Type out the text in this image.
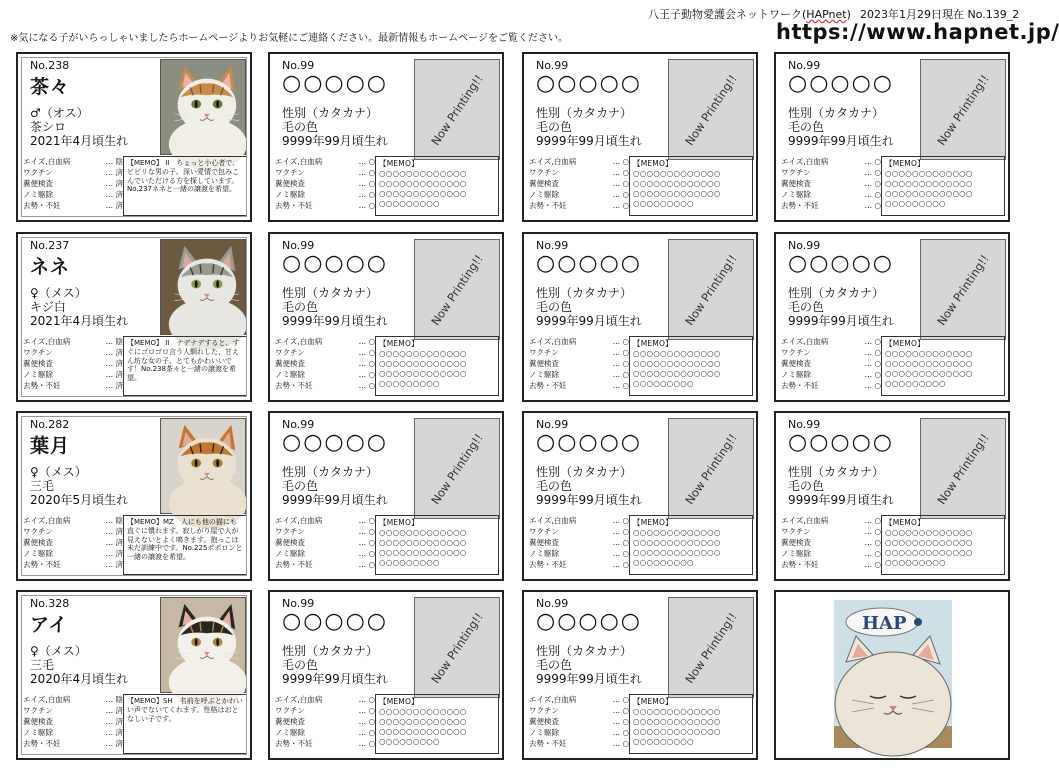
八王子動物愛護会ネットワーク(HAPnet) 2023年1月29日現在 No.139_2
※気になる子がいらっしゃいましたらホームページよりお気軽にご連絡ください。最新情報もホームページをご覧ください。	https://www.hapnet.jp/
No.238
茶々
♂（オス）
茶シロ
2021年4月頃生れ
エイズ,白血病	… 陰
ワクチン	… 済
糞便検査	… 済
ノミ駆除	… 済
去勢・不妊	… 済
【MEMO】 II　ちょっと小心者で、ビビリな男の子。深い愛情で包みこんでいただける方を探しています。No.237ネネと一緒の譲渡を希望。
No.99
○○○○○
性別（カタカナ）
毛の色
9999年99月頃生れ	Now Printing!!
エイズ,白血病	… ○
ワクチン	… ○
糞便検査	… ○
ノミ駆除	… ○
去勢・不妊	… ○
【MEMO】
○○○○○○○○○○○○○
○○○○○○○○○○○○○
○○○○○○○○○○○○○
○○○○○○○○○
No.99
○○○○○
性別（カタカナ）
毛の色
9999年99月頃生れ	Now Printing!!
エイズ,白血病	… ○
ワクチン	… ○
糞便検査	… ○
ノミ駆除	… ○
去勢・不妊	… ○
【MEMO】
○○○○○○○○○○○○○
○○○○○○○○○○○○○
○○○○○○○○○○○○○
○○○○○○○○○
No.99
○○○○○
性別（カタカナ）
毛の色
9999年99月頃生れ	Now Printing!!
エイズ,白血病	… ○
ワクチン	… ○
糞便検査	… ○
ノミ駆除	… ○
去勢・不妊	… ○
【MEMO】
○○○○○○○○○○○○○
○○○○○○○○○○○○○
○○○○○○○○○○○○○
○○○○○○○○○
No.237
ネネ
♀（メス）
キジ白
2021年4月頃生れ
エイズ,白血病	… 陰
ワクチン	… 済
糞便検査	… 済
ノミ駆除	… 済
去勢・不妊	… 済
【MEMO】 II　ナデナデすると、すぐにゴロゴロ言う人馴れした、甘えん坊な女の子。とてもかわいいです！No.238茶々と一緒の譲渡を希望。
No.99
○○○○○
性別（カタカナ）
毛の色
9999年99月頃生れ	Now Printing!!
エイズ,白血病	… ○
ワクチン	… ○
糞便検査	… ○
ノミ駆除	… ○
去勢・不妊	… ○
【MEMO】
○○○○○○○○○○○○○
○○○○○○○○○○○○○
○○○○○○○○○○○○○
○○○○○○○○○
No.99
○○○○○
性別（カタカナ）
毛の色
9999年99月頃生れ	Now Printing!!
エイズ,白血病	… ○
ワクチン	… ○
糞便検査	… ○
ノミ駆除	… ○
去勢・不妊	… ○
【MEMO】
○○○○○○○○○○○○○
○○○○○○○○○○○○○
○○○○○○○○○○○○○
○○○○○○○○○
No.99
○○○○○
性別（カタカナ）
毛の色
9999年99月頃生れ	Now Printing!!
エイズ,白血病	… ○
ワクチン	… ○
糞便検査	… ○
ノミ駆除	… ○
去勢・不妊	… ○
【MEMO】
○○○○○○○○○○○○○
○○○○○○○○○○○○○
○○○○○○○○○○○○○
○○○○○○○○○
No.282
葉月
♀（メス）
三毛
2020年5月頃生れ
エイズ,白血病	… 陰
ワクチン	… 済
糞便検査	… 済
ノミ駆除	… 済
去勢・不妊	… 済
【MEMO】MZ　人にも他の猫にも直ぐに慣れます。寂しがり屋で人が見えないとよく鳴きます。抱っこは未だ訓練中です。No.225ポポロンと一緒の譲渡を希望。
No.99
○○○○○
性別（カタカナ）
毛の色
9999年99月頃生れ	Now Printing!!
エイズ,白血病	… ○
ワクチン	… ○
糞便検査	… ○
ノミ駆除	… ○
去勢・不妊	… ○
【MEMO】
○○○○○○○○○○○○○
○○○○○○○○○○○○○
○○○○○○○○○○○○○
○○○○○○○○○
No.99
○○○○○
性別（カタカナ）
毛の色
9999年99月頃生れ	Now Printing!!
エイズ,白血病	… ○
ワクチン	… ○
糞便検査	… ○
ノミ駆除	… ○
去勢・不妊	… ○
【MEMO】
○○○○○○○○○○○○○
○○○○○○○○○○○○○
○○○○○○○○○○○○○
○○○○○○○○○
No.99
○○○○○
性別（カタカナ）
毛の色
9999年99月頃生れ	Now Printing!!
エイズ,白血病	… ○
ワクチン	… ○
糞便検査	… ○
ノミ駆除	… ○
去勢・不妊	… ○
【MEMO】
○○○○○○○○○○○○○
○○○○○○○○○○○○○
○○○○○○○○○○○○○
○○○○○○○○○
No.328
アイ
♀（メス）
三毛
2020年4月頃生れ
エイズ,白血病	… 陰
ワクチン	… 済
糞便検査	… 済
ノミ駆除	… 済
去勢・不妊	… 済
【MEMO】SH　名前を呼ぶとかわいい声でないてくれます。性格はおとなしい子です。
No.99
○○○○○
性別（カタカナ）
毛の色
9999年99月頃生れ	Now Printing!!
エイズ,白血病	… ○
ワクチン	… ○
糞便検査	… ○
ノミ駆除	… ○
去勢・不妊	… ○
【MEMO】
○○○○○○○○○○○○○
○○○○○○○○○○○○○
○○○○○○○○○○○○○
○○○○○○○○○
No.99
○○○○○
性別（カタカナ）
毛の色
9999年99月頃生れ	Now Printing!!
エイズ,白血病	… ○
ワクチン	… ○
糞便検査	… ○
ノミ駆除	… ○
去勢・不妊	… ○
【MEMO】
○○○○○○○○○○○○○
○○○○○○○○○○○○○
○○○○○○○○○○○○○
○○○○○○○○○
HAP
